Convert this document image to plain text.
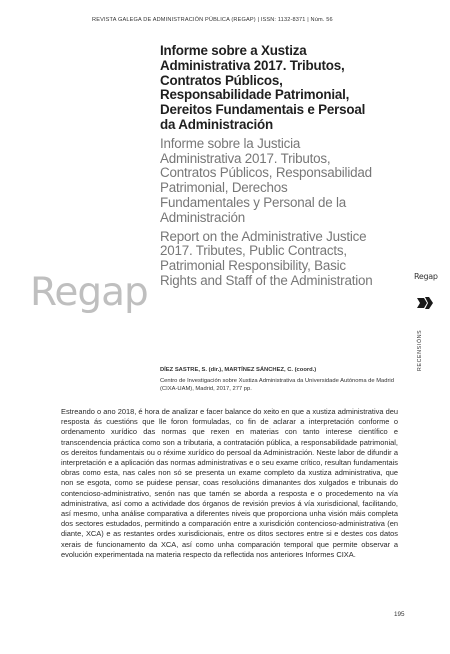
REVISTA GALEGA DE ADMINISTRACIÓN PÚBLICA (REGAP) | ISSN: 1132-8371 | Núm. 56

Informe sobre a Xustiza Administrativa 2017. Tributos, Contratos Públicos, Responsabilidade Patrimonial, Dereitos Fundamentais e Persoal da Administración

Informe sobre la Justicia Administrativa 2017. Tributos, Contratos Públicos, Responsabilidad Patrimonial, Derechos Fundamentales y Personal de la Administración

Report on the Administrative Justice 2017. Tributes, Public Contracts, Patrimonial Responsibility, Basic Rights and Staff of the Administration

Regap
DÍEZ SASTRE, S. (dir.), MARTÍNEZ SÁNCHEZ, C. (coord.)
Centro de Investigación sobre Xustiza Administrativa da Universidade Autónoma de Madrid (CIXA-UAM), Madrid, 2017, 277 pp.
Regap
RECENSIÓNS
Estreando o ano 2018, é hora de analizar e facer balance do xeito en que a xustiza administrativa deu resposta ás cuestións que lle foron formuladas, co fin de aclarar a interpretación conforme o ordenamento xurídico das normas que rexen en materias con tanto interese científico e transcendencia práctica como son a tributaria, a contratación pública, a responsabilidade patrimonial, os dereitos fundamentais ou o réxime xurídico do persoal da Administración. Neste labor de difundir a interpretación e a aplicación das normas administrativas e o seu exame crítico, resultan fundamentais obras como esta, nas cales non só se presenta un exame completo da xustiza administrativa, que non se esgota, como se puidese pensar, coas resolucións dimanantes dos xulgados e tribunais do contencioso-administrativo, senón nas que tamén se aborda a resposta e o procedemento na vía administrativa, así como a actividade dos órganos de revisión previos á vía xurisdicional, facilitando, así mesmo, unha análise comparativa a diferentes niveis que proporciona unha visión máis completa dos sectores estudados, permitindo a comparación entre a xurisdición contencioso-administrativa (en diante, XCA) e as restantes ordes xurisdicionais, entre os ditos sectores entre si e destes cos datos xerais de funcionamento da XCA, así como unha comparación temporal que permite observar a evolución experimentada na materia respecto da reflectida nos anteriores Informes CIXA.
195
